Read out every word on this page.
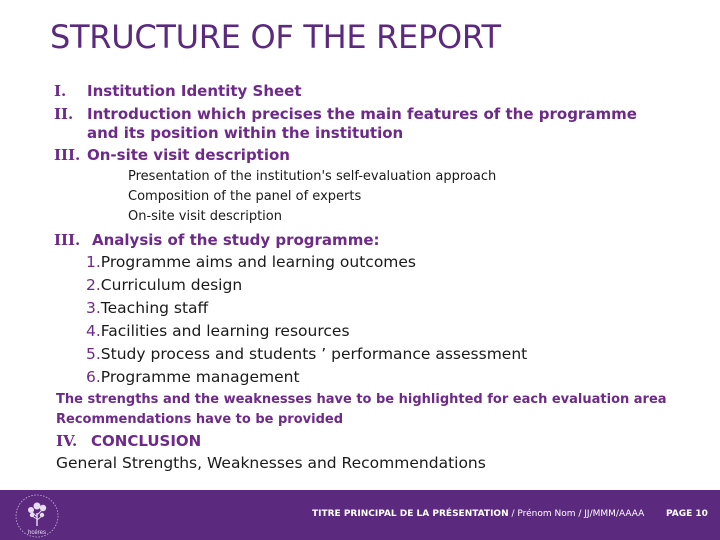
STRUCTURE OF THE REPORT
I. Institution Identity Sheet
II. Introduction which precises the main features of the programme
and its position within the institution
III. On-site visit description
Presentation of the institution's self-evaluation approach
Composition of the panel of experts
On-site visit description
III. Analysis of the study programme:
1.Programme aims and learning outcomes
2.Curriculum design
3.Teaching staff
4.Facilities and learning resources
5.Study process and students ’ performance assessment
6.Programme management
The strengths and the weaknesses have to be highlighted for each evaluation area
Recommendations have to be provided
IV. CONCLUSION
General Strengths, Weaknesses and Recommendations
hcéres
TITRE PRINCIPAL DE LA PRÉSENTATION / Prénom Nom / JJ/MMM/AAAA PAGE 10
